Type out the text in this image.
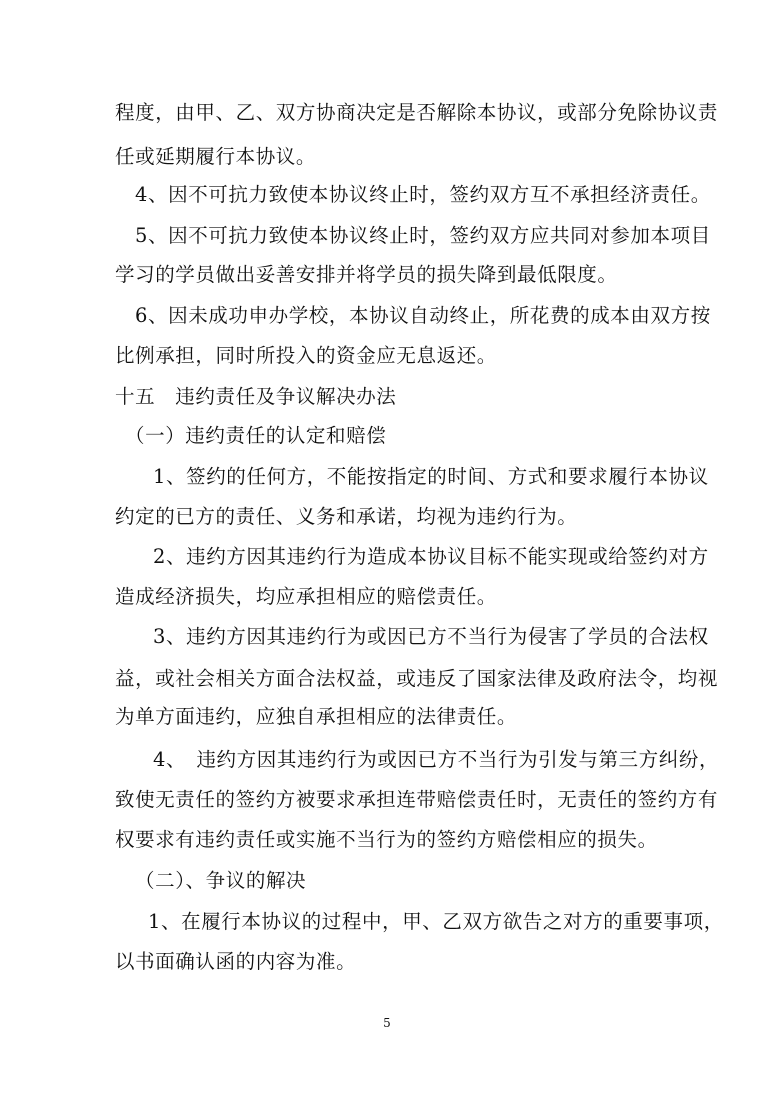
程度，由甲、乙、双方协商决定是否解除本协议，或部分免除协议责
任或延期履行本协议。
4、因不可抗力致使本协议终止时，签约双方互不承担经济责任。
5、因不可抗力致使本协议终止时，签约双方应共同对参加本项目
学习的学员做出妥善安排并将学员的损失降到最低限度。
6、因未成功申办学校，本协议自动终止，所花费的成本由双方按
比例承担，同时所投入的资金应无息返还。
十五　违约责任及争议解决办法
（一）违约责任的认定和赔偿
1、签约的任何方，不能按指定的时间、方式和要求履行本协议
约定的已方的责任、义务和承诺，均视为违约行为。
2、违约方因其违约行为造成本协议目标不能实现或给签约对方
造成经济损失，均应承担相应的赔偿责任。
3、违约方因其违约行为或因已方不当行为侵害了学员的合法权
益，或社会相关方面合法权益，或违反了国家法律及政府法令，均视
为单方面违约，应独自承担相应的法律责任。
4、　违约方因其违约行为或因已方不当行为引发与第三方纠纷，
致使无责任的签约方被要求承担连带赔偿责任时，无责任的签约方有
权要求有违约责任或实施不当行为的签约方赔偿相应的损失。
（二）、争议的解决
1、在履行本协议的过程中，甲、乙双方欲告之对方的重要事项，
以书面确认函的内容为准。
5
